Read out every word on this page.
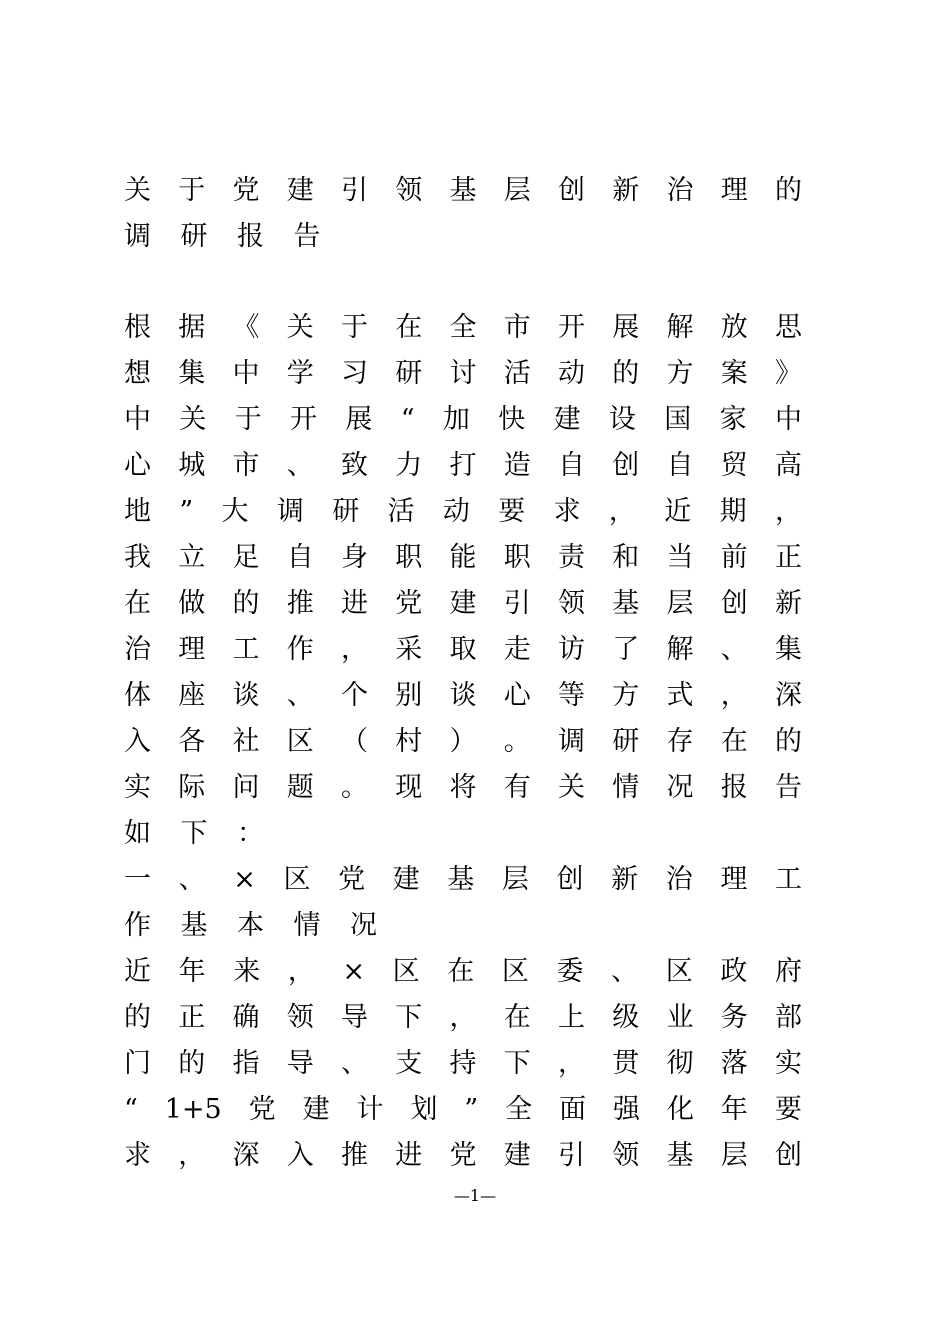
关 于 党 建 引 领 基 层 创 新 治 理 的
调	研	报	告
根 据 《 关 于 在 全 市 开 展 解 放 思
想 集 中 学 习 研 讨 活 动 的 方 案 》
中 关 于 开 展 “ 加 快 建 设 国 家 中
心 城 市 、 致 力 打 造 自 创 自 贸 高
地 ” 大 调 研 活 动 要 求 ， 近 期 ，
我 立 足 自 身 职 能 职 责 和 当 前 正
在 做 的 推 进 党 建 引 领 基 层 创 新
治 理 工 作 ， 采 取 走 访 了 解 、 集
体 座 谈 、 个 别 谈 心 等 方 式 ， 深
入 各 社 区 （ 村 ） 。 调 研 存 在 的
实 际 问 题 。 现 将 有 关 情 况 报 告
如	下	：
一 、 × 区 党 建 基 层 创 新 治 理 工
作	基	本	情	况
近 年 来 ， × 区 在 区 委 、 区 政 府
的 正 确 领 导 下 ， 在 上 级 业 务 部
门 的 指 导 、 支 持 下 ， 贯 彻 落 实
“ 1+5 党 建 计 划 ” 全 面 强 化 年 要
求 ， 深 入 推 进 党 建 引 领 基 层 创
—1—
